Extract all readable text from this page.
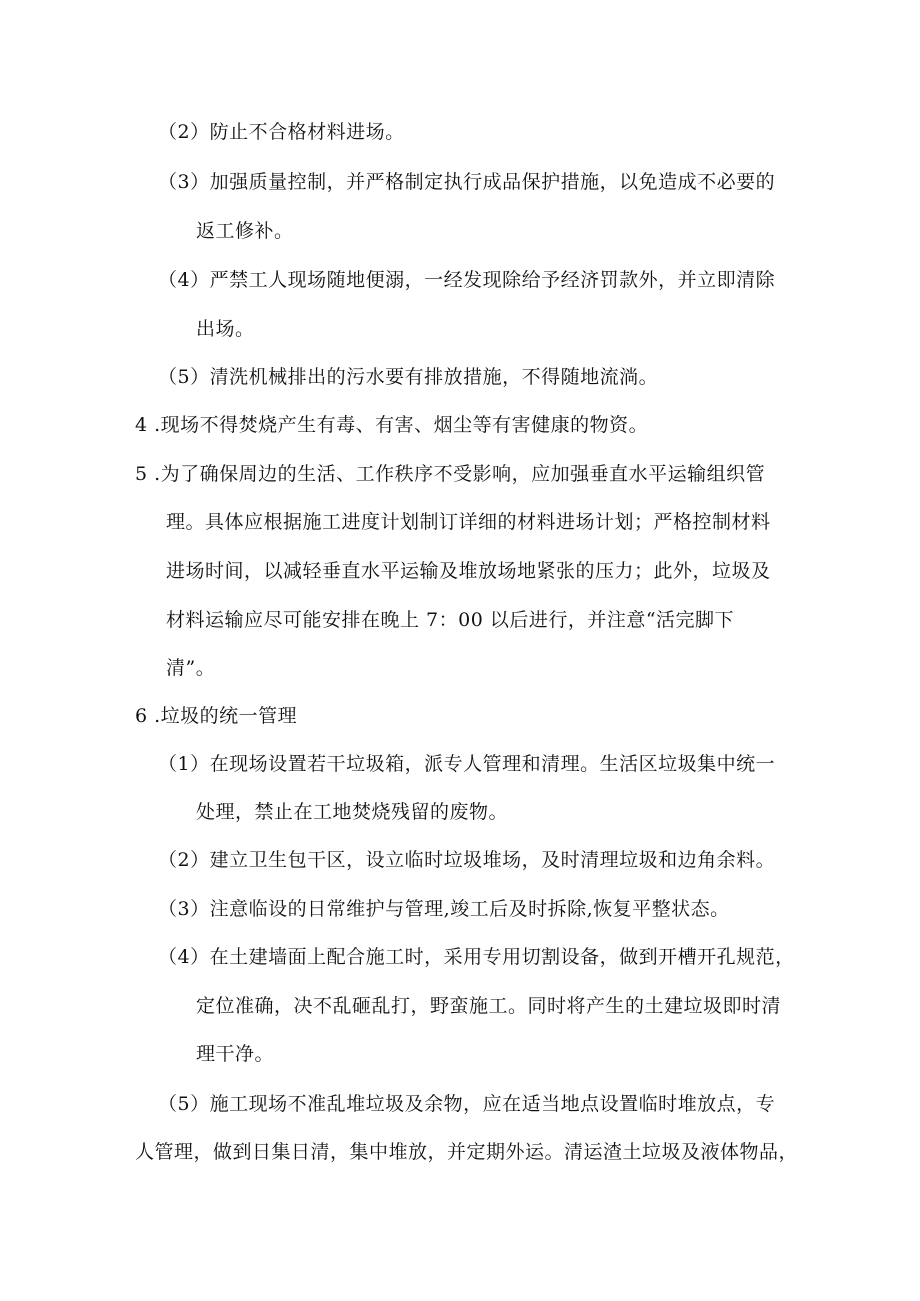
（2）防止不合格材料进场。
（3）加强质量控制，并严格制定执行成品保护措施，以免造成不必要的
返工修补。
（4）严禁工人现场随地便溺，一经发现除给予经济罚款外，并立即清除
出场。
（5）清洗机械排出的污水要有排放措施，不得随地流淌。
4 .现场不得焚烧产生有毒、有害、烟尘等有害健康的物资。
5 .为了确保周边的生活、工作秩序不受影响，应加强垂直水平运输组织管
理。具体应根据施工进度计划制订详细的材料进场计划；严格控制材料
进场时间，以减轻垂直水平运输及堆放场地紧张的压力；此外，垃圾及
材料运输应尽可能安排在晚上 7：00 以后进行，并注意“活完脚下
清”。
6 .垃圾的统一管理
（1）在现场设置若干垃圾箱，派专人管理和清理。生活区垃圾集中统一
处理，禁止在工地焚烧残留的废物。
（2）建立卫生包干区，设立临时垃圾堆场，及时清理垃圾和边角余料。
（3）注意临设的日常维护与管理,竣工后及时拆除,恢复平整状态。
（4）在土建墙面上配合施工时，采用专用切割设备，做到开槽开孔规范，
定位准确，决不乱砸乱打，野蛮施工。同时将产生的土建垃圾即时清
理干净。
（5）施工现场不准乱堆垃圾及余物，应在适当地点设置临时堆放点，专
人管理，做到日集日清，集中堆放，并定期外运。清运渣土垃圾及液体物品，
